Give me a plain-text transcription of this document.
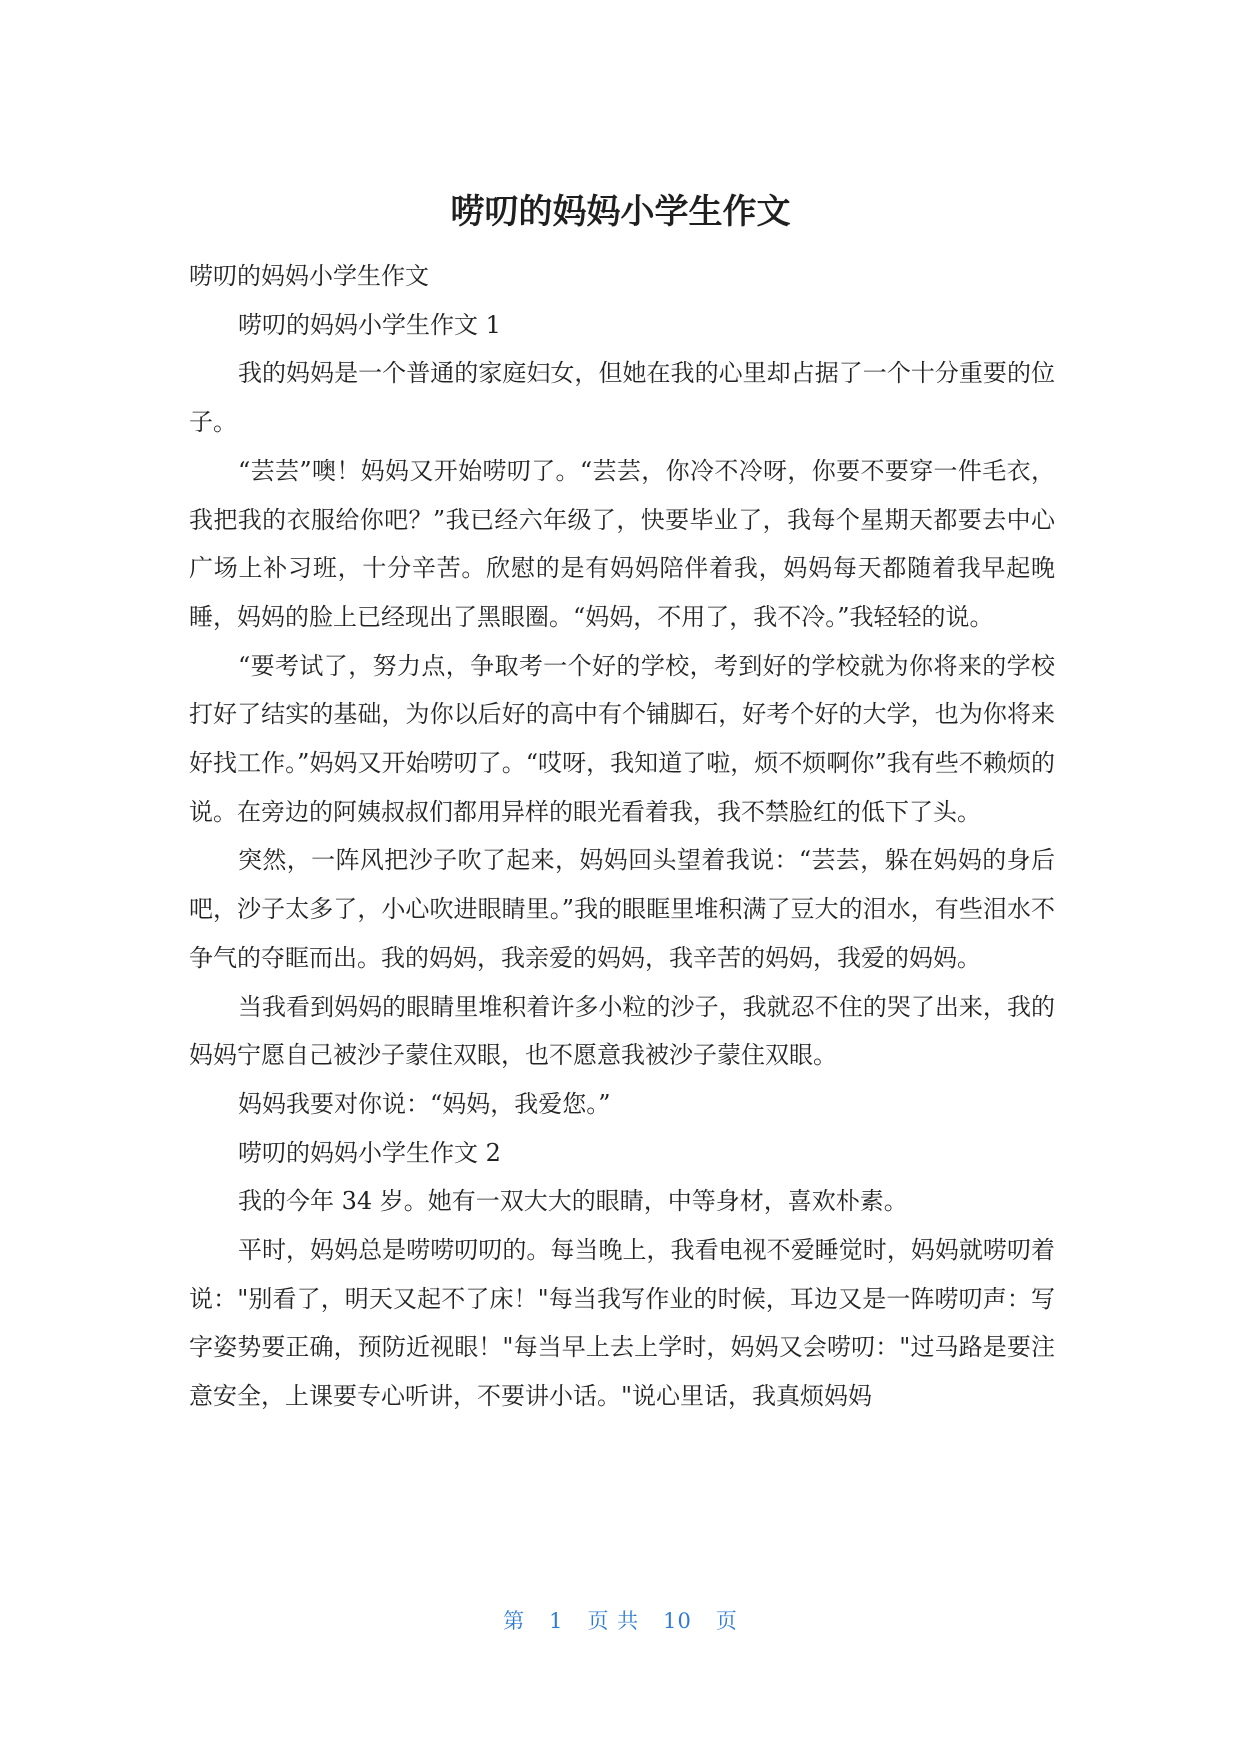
唠叨的妈妈小学生作文

唠叨的妈妈小学生作文

唠叨的妈妈小学生作文 1

我的妈妈是一个普通的家庭妇女，但她在我的心里却占据了一个十分重要的位子。

“芸芸”噢！妈妈又开始唠叨了。“芸芸，你冷不冷呀，你要不要穿一件毛衣，我把我的衣服给你吧？”我已经六年级了，快要毕业了，我每个星期天都要去中心广场上补习班，十分辛苦。欣慰的是有妈妈陪伴着我，妈妈每天都随着我早起晚睡，妈妈的脸上已经现出了黑眼圈。“妈妈，不用了，我不冷。”我轻轻的说。

“要考试了，努力点，争取考一个好的学校，考到好的学校就为你将来的学校打好了结实的基础，为你以后好的高中有个铺脚石，好考个好的大学，也为你将来好找工作。”妈妈又开始唠叨了。“哎呀，我知道了啦，烦不烦啊你”我有些不赖烦的说。在旁边的阿姨叔叔们都用异样的眼光看着我，我不禁脸红的低下了头。

突然，一阵风把沙子吹了起来，妈妈回头望着我说：“芸芸，躲在妈妈的身后吧，沙子太多了，小心吹进眼睛里。”我的眼眶里堆积满了豆大的泪水，有些泪水不争气的夺眶而出。我的妈妈，我亲爱的妈妈，我辛苦的妈妈，我爱的妈妈。

当我看到妈妈的眼睛里堆积着许多小粒的沙子，我就忍不住的哭了出来，我的妈妈宁愿自己被沙子蒙住双眼，也不愿意我被沙子蒙住双眼。

妈妈我要对你说：“妈妈，我爱您。”

唠叨的妈妈小学生作文 2

我的今年 34 岁。她有一双大大的眼睛，中等身材，喜欢朴素。

平时，妈妈总是唠唠叨叨的。每当晚上，我看电视不爱睡觉时，妈妈就唠叨着说："别看了，明天又起不了床！"每当我写作业的时候，耳边又是一阵唠叨声：写字姿势要正确，预防近视眼！"每当早上去上学时，妈妈又会唠叨："过马路是要注意安全，上课要专心听讲，不要讲小话。"说心里话，我真烦妈妈

第 1 页 共 10 页
